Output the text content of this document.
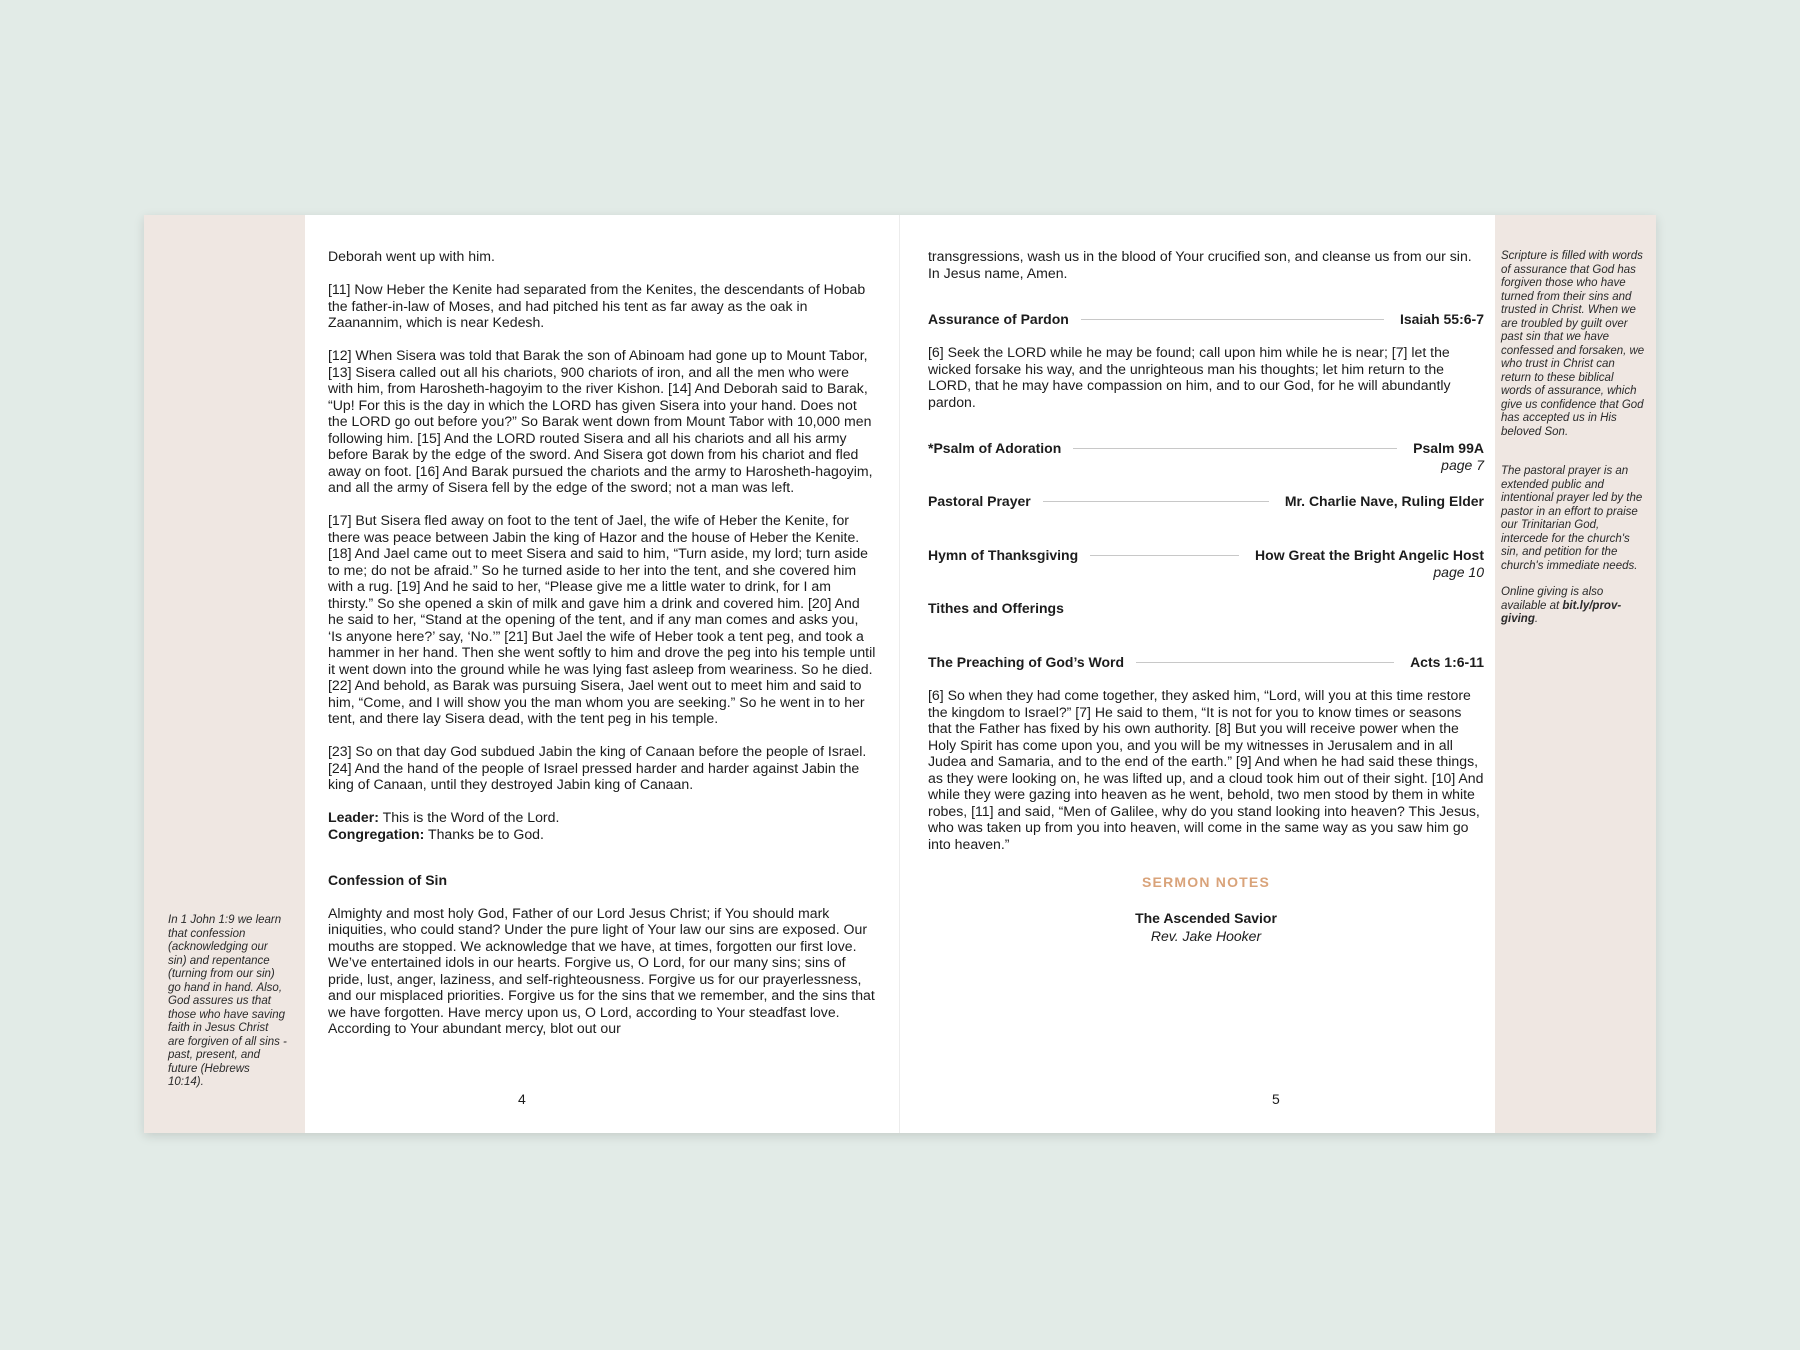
In 1 John 1:9 we learn that confession (acknowledging our sin) and repentance (turning from our sin) go hand in hand. Also, God assures us that those who have saving faith in Jesus Christ are forgiven of all sins - past, present, and future (Hebrews 10:14).

Scripture is filled with words of assurance that God has forgiven those who have turned from their sins and trusted in Christ. When we are troubled by guilt over past sin that we have confessed and forsaken, we who trust in Christ can return to these biblical words of assurance, which give us confidence that God has accepted us in His beloved Son.

The pastoral prayer is an extended public and intentional prayer led by the pastor in an effort to praise our Trinitarian God, intercede for the church's sin, and petition for the church's immediate needs.

Online giving is also available at bit.ly/prov-giving.

Deborah went up with him.

[11] Now Heber the Kenite had separated from the Kenites, the descendants of Hobab the father-in-law of Moses, and had pitched his tent as far away as the oak in Zaanannim, which is near Kedesh.

[12] When Sisera was told that Barak the son of Abinoam had gone up to Mount Tabor, [13] Sisera called out all his chariots, 900 chariots of iron, and all the men who were with him, from Harosheth-hagoyim to the river Kishon. [14] And Deborah said to Barak, “Up! For this is the day in which the LORD has given Sisera into your hand. Does not the LORD go out before you?” So Barak went down from Mount Tabor with 10,000 men following him. [15] And the LORD routed Sisera and all his chariots and all his army before Barak by the edge of the sword. And Sisera got down from his chariot and fled away on foot. [16] And Barak pursued the chariots and the army to Harosheth-hagoyim, and all the army of Sisera fell by the edge of the sword; not a man was left.

[17] But Sisera fled away on foot to the tent of Jael, the wife of Heber the Kenite, for there was peace between Jabin the king of Hazor and the house of Heber the Kenite. [18] And Jael came out to meet Sisera and said to him, “Turn aside, my lord; turn aside to me; do not be afraid.” So he turned aside to her into the tent, and she covered him with a rug. [19] And he said to her, “Please give me a little water to drink, for I am thirsty.” So she opened a skin of milk and gave him a drink and covered him. [20] And he said to her, “Stand at the opening of the tent, and if any man comes and asks you, ‘Is anyone here?’ say, ‘No.’” [21] But Jael the wife of Heber took a tent peg, and took a hammer in her hand. Then she went softly to him and drove the peg into his temple until it went down into the ground while he was lying fast asleep from weariness. So he died. [22] And behold, as Barak was pursuing Sisera, Jael went out to meet him and said to him, “Come, and I will show you the man whom you are seeking.” So he went in to her tent, and there lay Sisera dead, with the tent peg in his temple.

[23] So on that day God subdued Jabin the king of Canaan before the people of Israel. [24] And the hand of the people of Israel pressed harder and harder against Jabin the king of Canaan, until they destroyed Jabin king of Canaan.

Leader: This is the Word of the Lord.
Congregation: Thanks be to God.

Confession of Sin

Almighty and most holy God, Father of our Lord Jesus Christ; if You should mark iniquities, who could stand? Under the pure light of Your law our sins are exposed. Our mouths are stopped. We acknowledge that we have, at times, forgotten our first love. We’ve entertained idols in our hearts. Forgive us, O Lord, for our many sins; sins of pride, lust, anger, laziness, and self-righteousness. Forgive us for our prayerlessness, and our misplaced priorities. Forgive us for the sins that we remember, and the sins that we have forgotten. Have mercy upon us, O Lord, according to Your steadfast love. According to Your abundant mercy, blot out our

4

transgressions, wash us in the blood of Your crucified son, and cleanse us from our sin. In Jesus name, Amen.

Assurance of Pardon	Isaiah 55:6-7

[6] Seek the LORD while he may be found; call upon him while he is near; [7] let the wicked forsake his way, and the unrighteous man his thoughts; let him return to the LORD, that he may have compassion on him, and to our God, for he will abundantly pardon.

*Psalm of Adoration	Psalm 99A
page 7
Pastoral Prayer	Mr. Charlie Nave, Ruling Elder
Hymn of Thanksgiving	How Great the Bright Angelic Host
page 10
Tithes and Offerings
The Preaching of God’s Word	Acts 1:6-11

[6] So when they had come together, they asked him, “Lord, will you at this time restore the kingdom to Israel?” [7] He said to them, “It is not for you to know times or seasons that the Father has fixed by his own authority. [8] But you will receive power when the Holy Spirit has come upon you, and you will be my witnesses in Jerusalem and in all Judea and Samaria, and to the end of the earth.” [9] And when he had said these things, as they were looking on, he was lifted up, and a cloud took him out of their sight. [10] And while they were gazing into heaven as he went, behold, two men stood by them in white robes, [11] and said, “Men of Galilee, why do you stand looking into heaven? This Jesus, who was taken up from you into heaven, will come in the same way as you saw him go into heaven.”

SERMON NOTES
The Ascended Savior
Rev. Jake Hooker
5
